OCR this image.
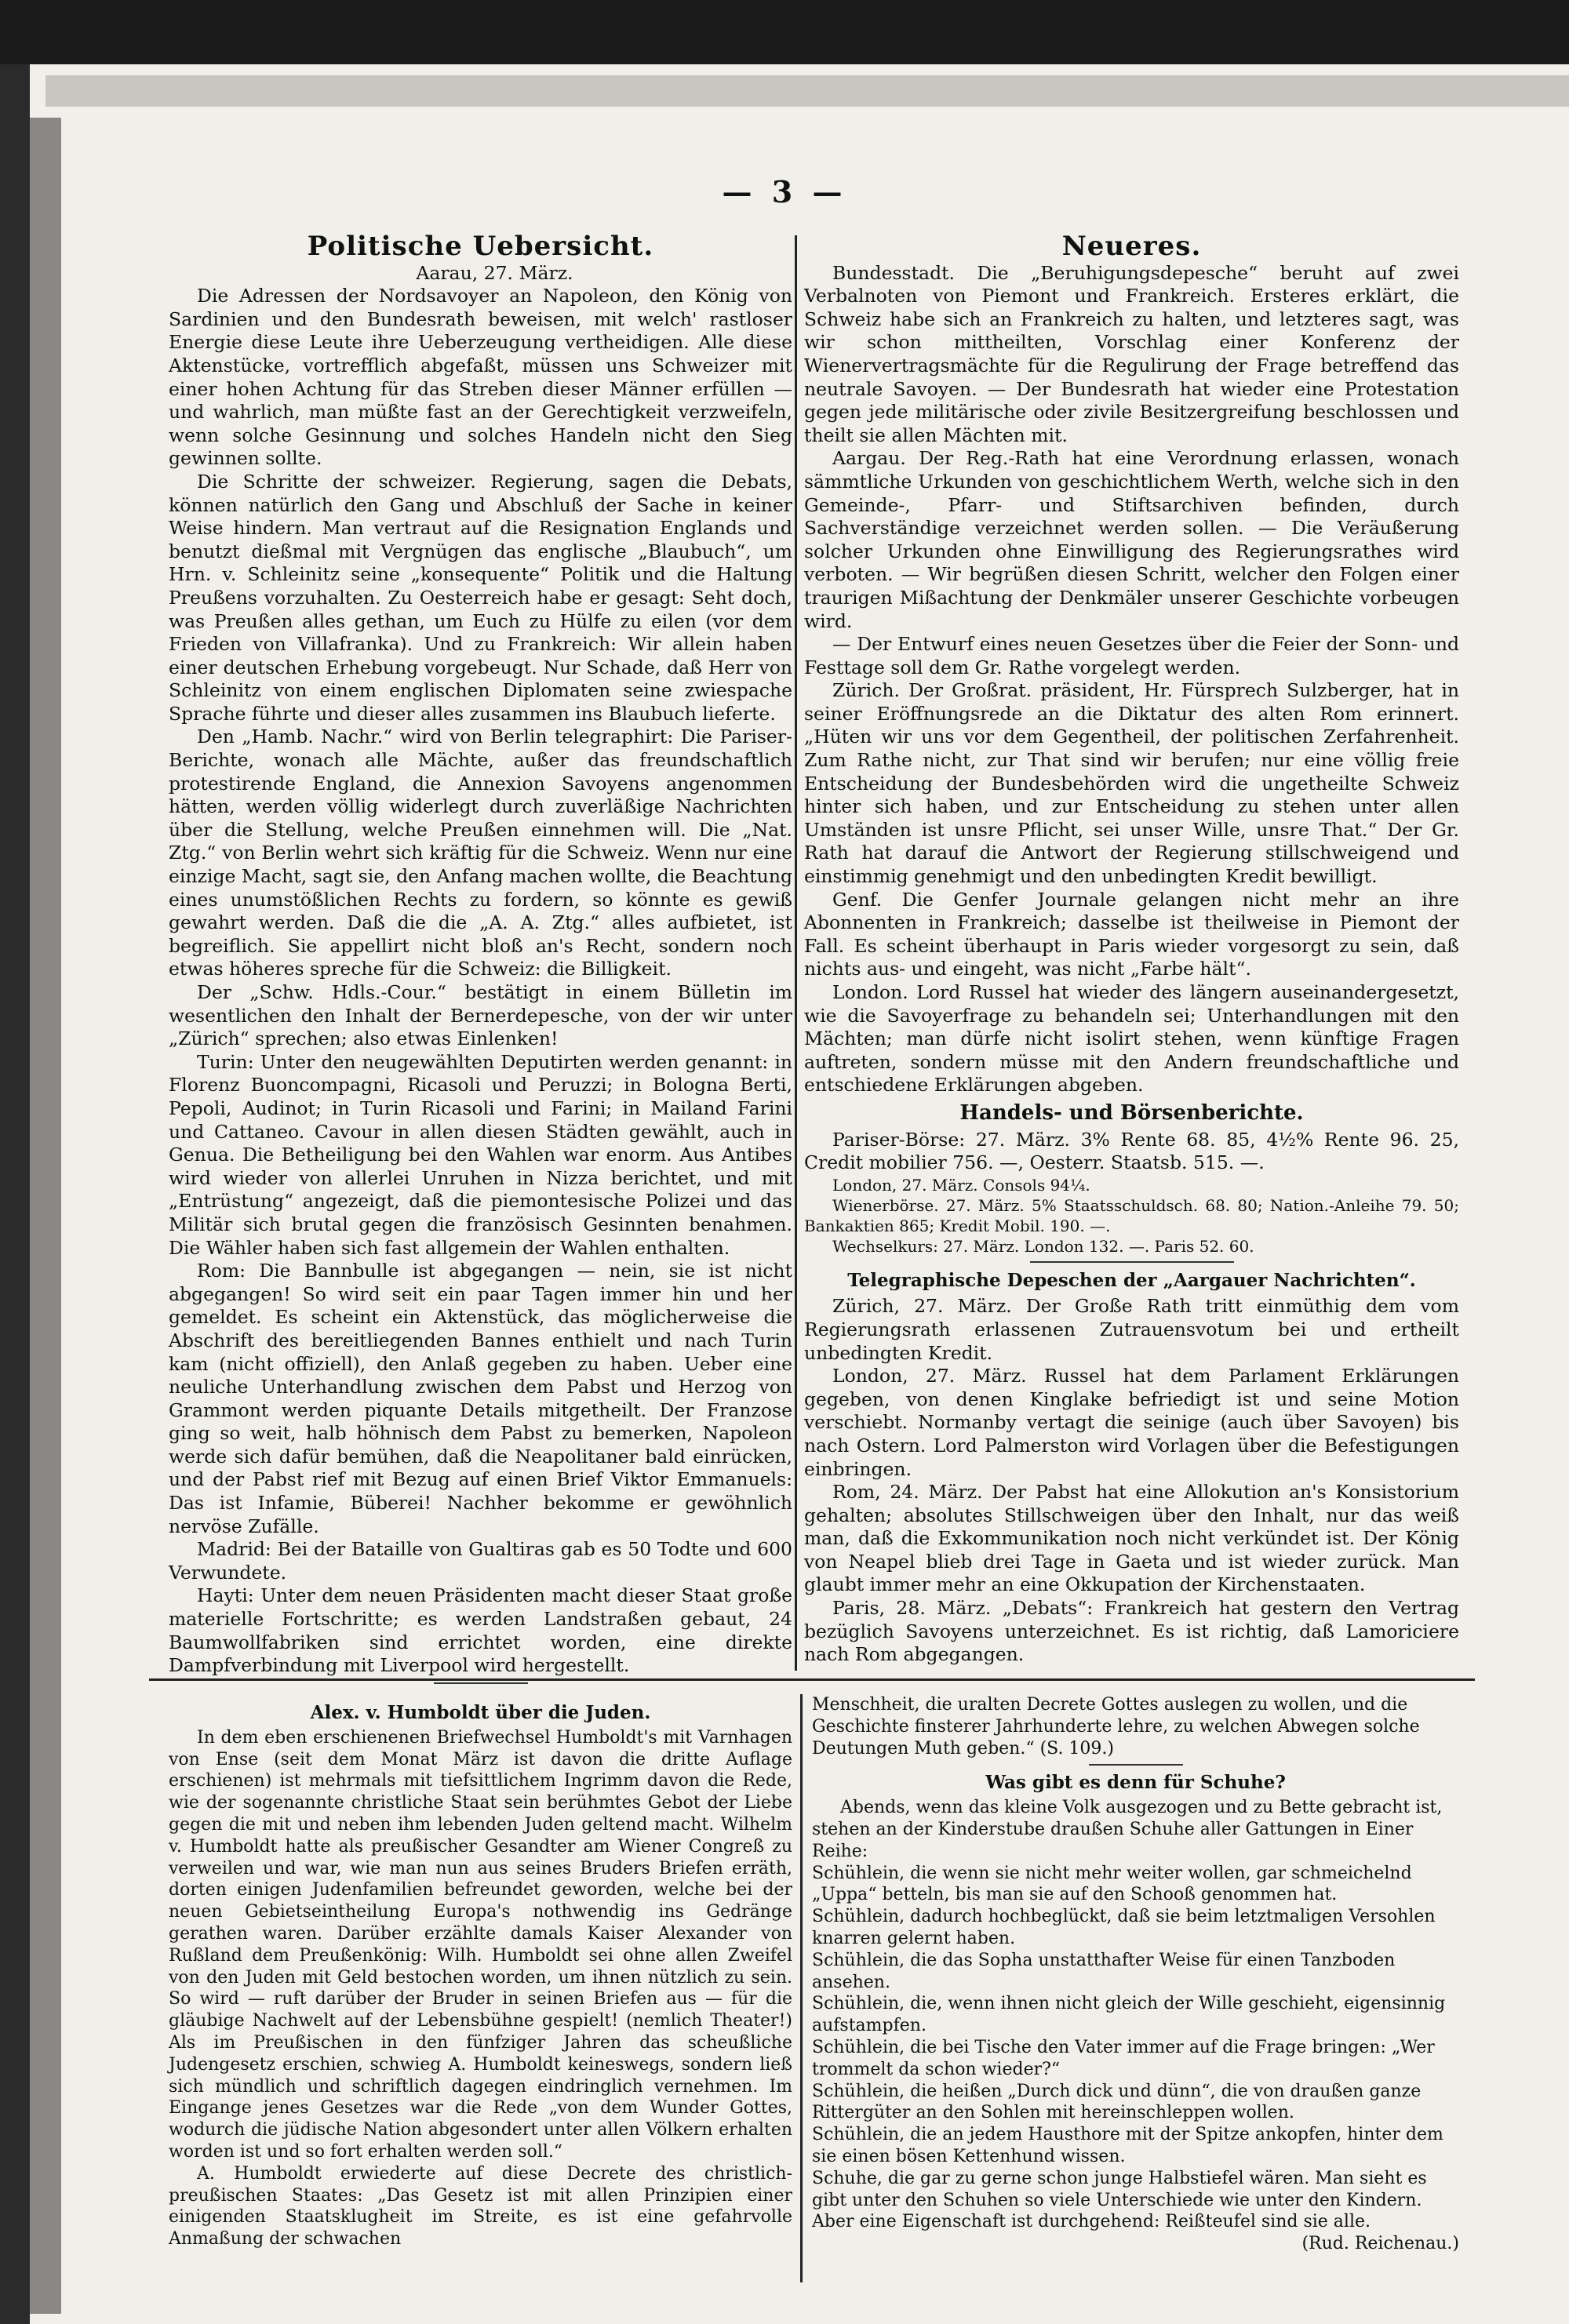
— 3 —
Politische Uebersicht.

Aarau, 27. März.

Die Adressen der Nordsavoyer an Napoleon, den König von Sardinien und den Bundesrath beweisen, mit welch' rastloser Energie diese Leute ihre Ueberzeugung vertheidigen. Alle diese Aktenstücke, vortrefflich abgefaßt, müssen uns Schweizer mit einer hohen Achtung für das Streben dieser Männer erfüllen — und wahrlich, man müßte fast an der Gerechtigkeit verzweifeln, wenn solche Gesinnung und solches Handeln nicht den Sieg gewinnen sollte.

Die Schritte der schweizer. Regierung, sagen die Debats, können natürlich den Gang und Abschluß der Sache in keiner Weise hindern. Man vertraut auf die Resignation Englands und benutzt dießmal mit Vergnügen das englische „Blaubuch“, um Hrn. v. Schleinitz seine „konsequente“ Politik und die Haltung Preußens vorzuhalten. Zu Oesterreich habe er gesagt: Seht doch, was Preußen alles gethan, um Euch zu Hülfe zu eilen (vor dem Frieden von Villafranka). Und zu Frankreich: Wir allein haben einer deutschen Erhebung vorgebeugt. Nur Schade, daß Herr von Schleinitz von einem englischen Diplomaten seine zwiespache Sprache führte und dieser alles zusammen ins Blaubuch lieferte.

Den „Hamb. Nachr.“ wird von Berlin telegraphirt: Die Pariser-Berichte, wonach alle Mächte, außer das freundschaftlich protestirende England, die Annexion Savoyens angenommen hätten, werden völlig widerlegt durch zuverläßige Nachrichten über die Stellung, welche Preußen einnehmen will. Die „Nat. Ztg.“ von Berlin wehrt sich kräftig für die Schweiz. Wenn nur eine einzige Macht, sagt sie, den Anfang machen wollte, die Beachtung eines unumstößlichen Rechts zu fordern, so könnte es gewiß gewahrt werden. Daß die die „A. A. Ztg.“ alles aufbietet, ist begreiflich. Sie appellirt nicht bloß an's Recht, sondern noch etwas höheres spreche für die Schweiz: die Billigkeit.

Der „Schw. Hdls.-Cour.“ bestätigt in einem Bülletin im wesentlichen den Inhalt der Bernerdepesche, von der wir unter „Zürich“ sprechen; also etwas Einlenken!

Turin: Unter den neugewählten Deputirten werden genannt: in Florenz Buoncompagni, Ricasoli und Peruzzi; in Bologna Berti, Pepoli, Audinot; in Turin Ricasoli und Farini; in Mailand Farini und Cattaneo. Cavour in allen diesen Städten gewählt, auch in Genua. Die Betheiligung bei den Wahlen war enorm. Aus Antibes wird wieder von allerlei Unruhen in Nizza berichtet, und mit „Entrüstung“ angezeigt, daß die piemontesische Polizei und das Militär sich brutal gegen die französisch Gesinnten benahmen. Die Wähler haben sich fast allgemein der Wahlen enthalten.

Rom: Die Bannbulle ist abgegangen — nein, sie ist nicht abgegangen! So wird seit ein paar Tagen immer hin und her gemeldet. Es scheint ein Aktenstück, das möglicherweise die Abschrift des bereitliegenden Bannes enthielt und nach Turin kam (nicht offiziell), den Anlaß gegeben zu haben. Ueber eine neuliche Unterhandlung zwischen dem Pabst und Herzog von Grammont werden piquante Details mitgetheilt. Der Franzose ging so weit, halb höhnisch dem Pabst zu bemerken, Napoleon werde sich dafür bemühen, daß die Neapolitaner bald einrücken, und der Pabst rief mit Bezug auf einen Brief Viktor Emmanuels: Das ist Infamie, Büberei! Nachher bekomme er gewöhnlich nervöse Zufälle.

Madrid: Bei der Bataille von Gualtiras gab es 50 Todte und 600 Verwundete.

Hayti: Unter dem neuen Präsidenten macht dieser Staat große materielle Fortschritte; es werden Landstraßen gebaut, 24 Baumwollfabriken sind errichtet worden, eine direkte Dampfverbindung mit Liverpool wird hergestellt.

Neueres.

Bundesstadt. Die „Beruhigungsdepesche“ beruht auf zwei Verbalnoten von Piemont und Frankreich. Ersteres erklärt, die Schweiz habe sich an Frankreich zu halten, und letzteres sagt, was wir schon mittheilten, Vorschlag einer Konferenz der Wienervertragsmächte für die Regulirung der Frage betreffend das neutrale Savoyen. — Der Bundesrath hat wieder eine Protestation gegen jede militärische oder zivile Besitzergreifung beschlossen und theilt sie allen Mächten mit.

Aargau. Der Reg.-Rath hat eine Verordnung erlassen, wonach sämmtliche Urkunden von geschichtlichem Werth, welche sich in den Gemeinde-, Pfarr- und Stiftsarchiven befinden, durch Sachverständige verzeichnet werden sollen. — Die Veräußerung solcher Urkunden ohne Einwilligung des Regierungsrathes wird verboten. — Wir begrüßen diesen Schritt, welcher den Folgen einer traurigen Mißachtung der Denkmäler unserer Geschichte vorbeugen wird.

— Der Entwurf eines neuen Gesetzes über die Feier der Sonn- und Festtage soll dem Gr. Rathe vorgelegt werden.

Zürich. Der Großrat. präsident, Hr. Fürsprech Sulzberger, hat in seiner Eröffnungsrede an die Diktatur des alten Rom erinnert. „Hüten wir uns vor dem Gegentheil, der politischen Zerfahrenheit. Zum Rathe nicht, zur That sind wir berufen; nur eine völlig freie Entscheidung der Bundesbehörden wird die ungetheilte Schweiz hinter sich haben, und zur Entscheidung zu stehen unter allen Umständen ist unsre Pflicht, sei unser Wille, unsre That.“ Der Gr. Rath hat darauf die Antwort der Regierung stillschweigend und einstimmig genehmigt und den unbedingten Kredit bewilligt.

Genf. Die Genfer Journale gelangen nicht mehr an ihre Abonnenten in Frankreich; dasselbe ist theilweise in Piemont der Fall. Es scheint überhaupt in Paris wieder vorgesorgt zu sein, daß nichts aus- und eingeht, was nicht „Farbe hält“.

London. Lord Russel hat wieder des längern auseinandergesetzt, wie die Savoyerfrage zu behandeln sei; Unterhandlungen mit den Mächten; man dürfe nicht isolirt stehen, wenn künftige Fragen auftreten, sondern müsse mit den Andern freundschaftliche und entschiedene Erklärungen abgeben.

Handels- und Börsenberichte.

Pariser-Börse: 27. März. 3% Rente 68. 85, 4½% Rente 96. 25, Credit mobilier 756. —, Oesterr. Staatsb. 515. —.

London, 27. März. Consols 94¼.

Wienerbörse. 27. März. 5% Staatsschuldsch. 68. 80; Nation.-Anleihe 79. 50; Bankaktien 865; Kredit Mobil. 190. —.

Wechselkurs: 27. März. London 132. —. Paris 52. 60.

Telegraphische Depeschen der „Aargauer Nachrichten“.

Zürich, 27. März. Der Große Rath tritt einmüthig dem vom Regierungsrath erlassenen Zutrauensvotum bei und ertheilt unbedingten Kredit.

London, 27. März. Russel hat dem Parlament Erklärungen gegeben, von denen Kinglake befriedigt ist und seine Motion verschiebt. Normanby vertagt die seinige (auch über Savoyen) bis nach Ostern. Lord Palmerston wird Vorlagen über die Befestigungen einbringen.

Rom, 24. März. Der Pabst hat eine Allokution an's Konsistorium gehalten; absolutes Stillschweigen über den Inhalt, nur das weiß man, daß die Exkommunikation noch nicht verkündet ist. Der König von Neapel blieb drei Tage in Gaeta und ist wieder zurück. Man glaubt immer mehr an eine Okkupation der Kirchenstaaten.

Paris, 28. März. „Debats“: Frankreich hat gestern den Vertrag bezüglich Savoyens unterzeichnet. Es ist richtig, daß Lamoriciere nach Rom abgegangen.

Alex. v. Humboldt über die Juden.

In dem eben erschienenen Briefwechsel Humboldt's mit Varnhagen von Ense (seit dem Monat März ist davon die dritte Auflage erschienen) ist mehrmals mit tiefsittlichem Ingrimm davon die Rede, wie der sogenannte christliche Staat sein berühmtes Gebot der Liebe gegen die mit und neben ihm lebenden Juden geltend macht. Wilhelm v. Humboldt hatte als preußischer Gesandter am Wiener Congreß zu verweilen und war, wie man nun aus seines Bruders Briefen erräth, dorten einigen Judenfamilien befreundet geworden, welche bei der neuen Gebietseintheilung Europa's nothwendig ins Gedränge gerathen waren. Darüber erzählte damals Kaiser Alexander von Rußland dem Preußenkönig: Wilh. Humboldt sei ohne allen Zweifel von den Juden mit Geld bestochen worden, um ihnen nützlich zu sein. So wird — ruft darüber der Bruder in seinen Briefen aus — für die gläubige Nachwelt auf der Lebensbühne gespielt! (nemlich Theater!) Als im Preußischen in den fünfziger Jahren das scheußliche Judengesetz erschien, schwieg A. Humboldt keineswegs, sondern ließ sich mündlich und schriftlich dagegen eindringlich vernehmen. Im Eingange jenes Gesetzes war die Rede „von dem Wunder Gottes, wodurch die jüdische Nation abgesondert unter allen Völkern erhalten worden ist und so fort erhalten werden soll.“

A. Humboldt erwiederte auf diese Decrete des christlich-preußischen Staates: „Das Gesetz ist mit allen Prinzipien einer einigenden Staatsklugheit im Streite, es ist eine gefahrvolle Anmaßung der schwachen

Menschheit, die uralten Decrete Gottes auslegen zu wollen, und die Geschichte finsterer Jahrhunderte lehre, zu welchen Abwegen solche Deutungen Muth geben.“ (S. 109.)

Was gibt es denn für Schuhe?

Abends, wenn das kleine Volk ausgezogen und zu Bette gebracht ist, stehen an der Kinderstube draußen Schuhe aller Gattungen in Einer Reihe:

Schühlein, die wenn sie nicht mehr weiter wollen, gar schmeichelnd „Uppa“ betteln, bis man sie auf den Schooß genommen hat.

Schühlein, dadurch hochbeglückt, daß sie beim letztmaligen Versohlen knarren gelernt haben.

Schühlein, die das Sopha unstatthafter Weise für einen Tanzboden ansehen.

Schühlein, die, wenn ihnen nicht gleich der Wille geschieht, eigensinnig aufstampfen.

Schühlein, die bei Tische den Vater immer auf die Frage bringen: „Wer trommelt da schon wieder?“

Schühlein, die heißen „Durch dick und dünn“, die von draußen ganze Rittergüter an den Sohlen mit hereinschleppen wollen.

Schühlein, die an jedem Hausthore mit der Spitze ankopfen, hinter dem sie einen bösen Kettenhund wissen.

Schuhe, die gar zu gerne schon junge Halbstiefel wären. Man sieht es gibt unter den Schuhen so viele Unterschiede wie unter den Kindern. Aber eine Eigenschaft ist durchgehend: Reißteufel sind sie alle.

(Rud. Reichenau.)
